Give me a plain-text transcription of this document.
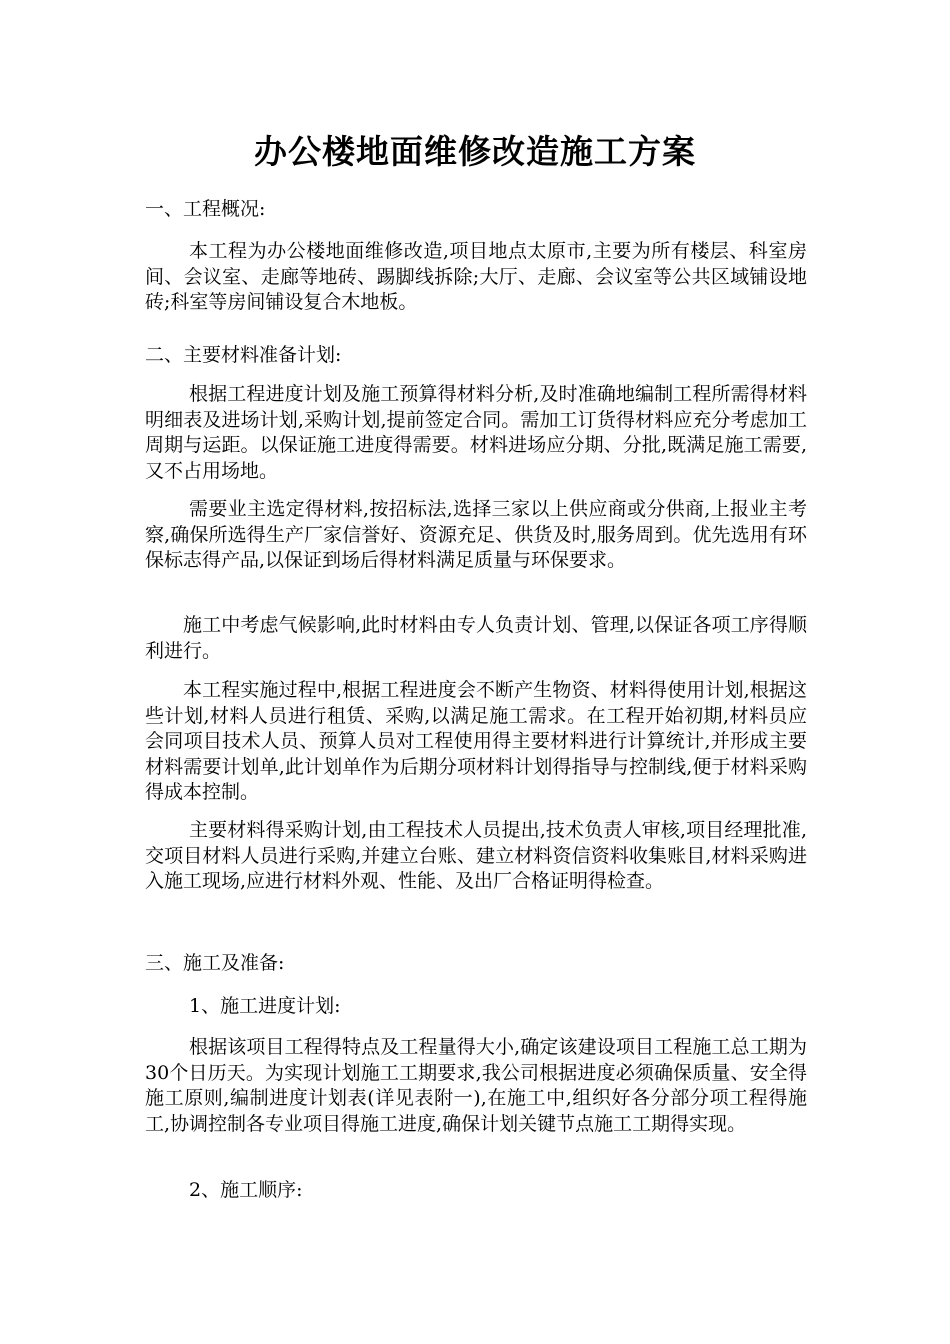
办公楼地面维修改造施工方案
一、工程概况:
本工程为办公楼地面维修改造,项目地点太原市,主要为所有楼层、科室房间、会议室、走廊等地砖、踢脚线拆除;大厅、走廊、会议室等公共区域铺设地砖;科室等房间铺设复合木地板。
二、主要材料准备计划:
根据工程进度计划及施工预算得材料分析,及时准确地编制工程所需得材料明细表及进场计划,采购计划,提前签定合同。需加工订货得材料应充分考虑加工周期与运距。以保证施工进度得需要。材料进场应分期、分批,既满足施工需要,又不占用场地。
需要业主选定得材料,按招标法,选择三家以上供应商或分供商,上报业主考察,确保所选得生产厂家信誉好、资源充足、供货及时,服务周到。优先选用有环保标志得产品,以保证到场后得材料满足质量与环保要求。
施工中考虑气候影响,此时材料由专人负责计划、管理,以保证各项工序得顺利进行。
本工程实施过程中,根据工程进度会不断产生物资、材料得使用计划,根据这些计划,材料人员进行租赁、采购,以满足施工需求。在工程开始初期,材料员应会同项目技术人员、预算人员对工程使用得主要材料进行计算统计,并形成主要材料需要计划单,此计划单作为后期分项材料计划得指导与控制线,便于材料采购得成本控制。
主要材料得采购计划,由工程技术人员提出,技术负责人审核,项目经理批准,交项目材料人员进行采购,并建立台账、建立材料资信资料收集账目,材料采购进入施工现场,应进行材料外观、性能、及出厂合格证明得检查。
三、施工及准备:
1、施工进度计划:
根据该项目工程得特点及工程量得大小,确定该建设项目工程施工总工期为30个日历天。为实现计划施工工期要求,我公司根据进度必须确保质量、安全得施工原则,编制进度计划表(详见表附一),在施工中,组织好各分部分项工程得施工,协调控制各专业项目得施工进度,确保计划关键节点施工工期得实现。
2、施工顺序:
